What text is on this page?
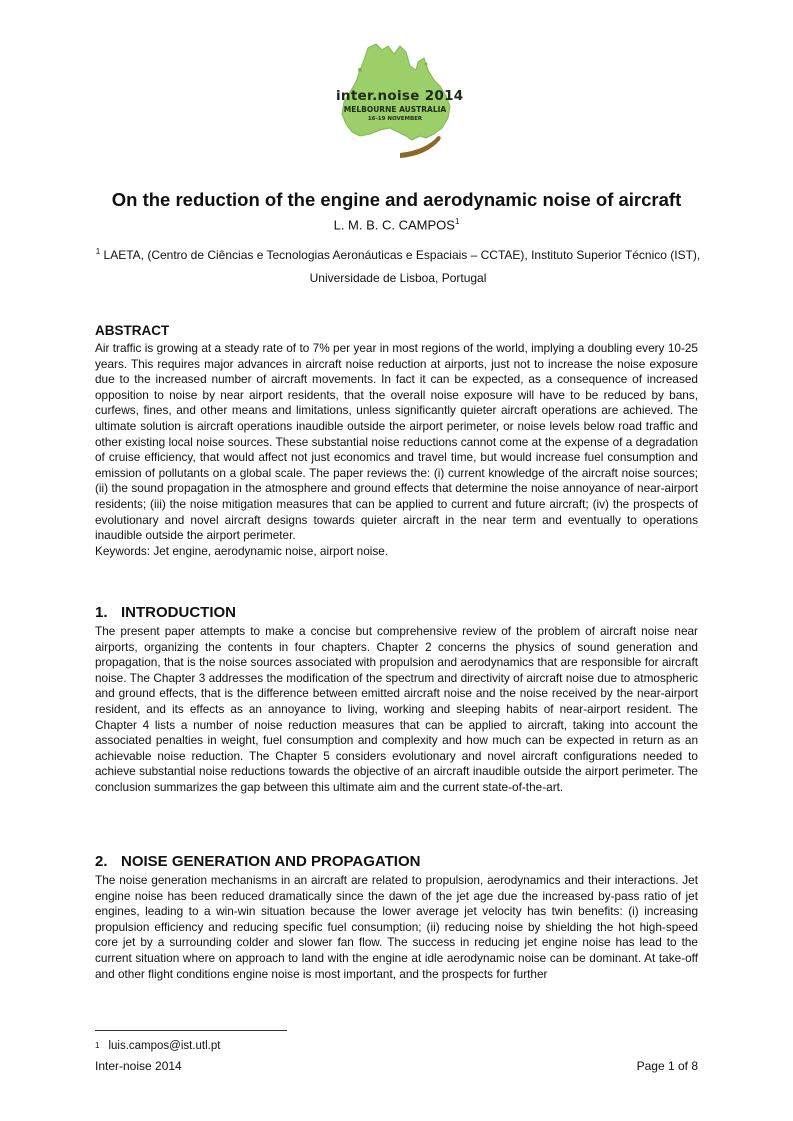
inter.noise 2014
MELBOURNE AUSTRALIA
16-19 NOVEMBER
On the reduction of the engine and aerodynamic noise of aircraft
L. M. B. C. CAMPOS$^1$
$^1$ LAETA, (Centro de Ciências e Tecnologias Aeronáuticas e Espaciais – CCTAE), Instituto Superior Técnico (IST),
Universidade de Lisboa, Portugal
ABSTRACT

Air traffic is growing at a steady rate of to 7% per year in most regions of the world, implying a doubling every 10-25 years. This requires major advances in aircraft noise reduction at airports, just not to increase the noise exposure due to the increased number of aircraft movements. In fact it can be expected, as a consequence of increased opposition to noise by near airport residents, that the overall noise exposure will have to be reduced by bans, curfews, fines, and other means and limitations, unless significantly quieter aircraft operations are achieved. The ultimate solution is aircraft operations inaudible outside the airport perimeter, or noise levels below road traffic and other existing local noise sources. These substantial noise reductions cannot come at the expense of a degradation of cruise efficiency, that would affect not just economics and travel time, but would increase fuel consumption and emission of pollutants on a global scale. The paper reviews the: (i) current knowledge of the aircraft noise sources; (ii) the sound propagation in the atmosphere and ground effects that determine the noise annoyance of near-airport residents; (iii) the noise mitigation measures that can be applied to current and future aircraft; (iv) the prospects of evolutionary and novel aircraft designs towards quieter aircraft in the near term and eventually to operations inaudible outside the airport perimeter.

Keywords: Jet engine, aerodynamic noise, airport noise.

1. INTRODUCTION

The present paper attempts to make a concise but comprehensive review of the problem of aircraft noise near airports, organizing the contents in four chapters. Chapter 2 concerns the physics of sound generation and propagation, that is the noise sources associated with propulsion and aerodynamics that are responsible for aircraft noise. The Chapter 3 addresses the modification of the spectrum and directivity of aircraft noise due to atmospheric and ground effects, that is the difference between emitted aircraft noise and the noise received by the near-airport resident, and its effects as an annoyance to living, working and sleeping habits of near-airport resident. The Chapter 4 lists a number of noise reduction measures that can be applied to aircraft, taking into account the associated penalties in weight, fuel consumption and complexity and how much can be expected in return as an achievable noise reduction. The Chapter 5 considers evolutionary and novel aircraft configurations needed to achieve substantial noise reductions towards the objective of an aircraft inaudible outside the airport perimeter. The conclusion summarizes the gap between this ultimate aim and the current state-of-the-art.

2. NOISE GENERATION AND PROPAGATION

The noise generation mechanisms in an aircraft are related to propulsion, aerodynamics and their interactions. Jet engine noise has been reduced dramatically since the dawn of the jet age due the increased by-pass ratio of jet engines, leading to a win-win situation because the lower average jet velocity has twin benefits: (i) increasing propulsion efficiency and reducing specific fuel consumption; (ii) reducing noise by shielding the hot high-speed core jet by a surrounding colder and slower fan flow. The success in reducing jet engine noise has lead to the current situation where on approach to land with the engine at idle aerodynamic noise can be dominant. At take-off and other flight conditions engine noise is most important, and the prospects for further

$^1$ luis.campos@ist.utl.pt
Inter-noise 2014	Page 1 of 8
